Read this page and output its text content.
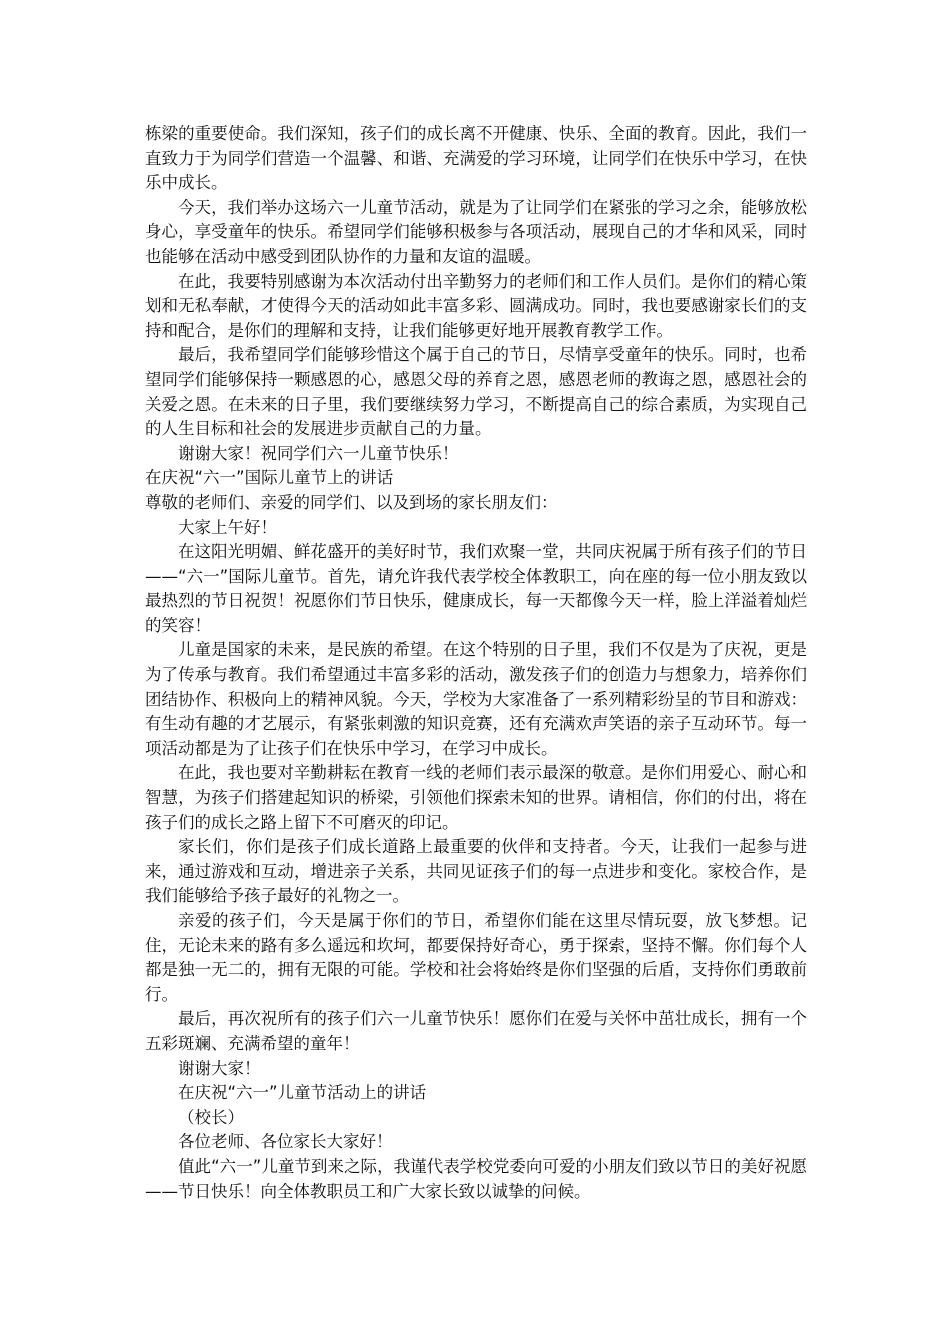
栋梁的重要使命。我们深知，孩子们的成长离不开健康、快乐、全面的教育。因此，我们一直致力于为同学们营造一个温馨、和谐、充满爱的学习环境，让同学们在快乐中学习，在快乐中成长。

今天，我们举办这场六一儿童节活动，就是为了让同学们在紧张的学习之余，能够放松身心，享受童年的快乐。希望同学们能够积极参与各项活动，展现自己的才华和风采，同时也能够在活动中感受到团队协作的力量和友谊的温暖。

在此，我要特别感谢为本次活动付出辛勤努力的老师们和工作人员们。是你们的精心策划和无私奉献，才使得今天的活动如此丰富多彩、圆满成功。同时，我也要感谢家长们的支持和配合，是你们的理解和支持，让我们能够更好地开展教育教学工作。

最后，我希望同学们能够珍惜这个属于自己的节日，尽情享受童年的快乐。同时，也希望同学们能够保持一颗感恩的心，感恩父母的养育之恩，感恩老师的教诲之恩，感恩社会的关爱之恩。在未来的日子里，我们要继续努力学习，不断提高自己的综合素质，为实现自己的人生目标和社会的发展进步贡献自己的力量。

谢谢大家！祝同学们六一儿童节快乐！

在庆祝“六一”国际儿童节上的讲话

尊敬的老师们、亲爱的同学们、以及到场的家长朋友们：

大家上午好！

在这阳光明媚、鲜花盛开的美好时节，我们欢聚一堂，共同庆祝属于所有孩子们的节日——“六一”国际儿童节。首先，请允许我代表学校全体教职工，向在座的每一位小朋友致以最热烈的节日祝贺！祝愿你们节日快乐，健康成长，每一天都像今天一样，脸上洋溢着灿烂的笑容！

儿童是国家的未来，是民族的希望。在这个特别的日子里，我们不仅是为了庆祝，更是为了传承与教育。我们希望通过丰富多彩的活动，激发孩子们的创造力与想象力，培养你们团结协作、积极向上的精神风貌。今天，学校为大家准备了一系列精彩纷呈的节目和游戏：有生动有趣的才艺展示，有紧张刺激的知识竞赛，还有充满欢声笑语的亲子互动环节。每一项活动都是为了让孩子们在快乐中学习，在学习中成长。

在此，我也要对辛勤耕耘在教育一线的老师们表示最深的敬意。是你们用爱心、耐心和智慧，为孩子们搭建起知识的桥梁，引领他们探索未知的世界。请相信，你们的付出，将在孩子们的成长之路上留下不可磨灭的印记。

家长们，你们是孩子们成长道路上最重要的伙伴和支持者。今天，让我们一起参与进来，通过游戏和互动，增进亲子关系，共同见证孩子们的每一点进步和变化。家校合作，是我们能够给予孩子最好的礼物之一。

亲爱的孩子们，今天是属于你们的节日，希望你们能在这里尽情玩耍，放飞梦想。记住，无论未来的路有多么遥远和坎坷，都要保持好奇心，勇于探索，坚持不懈。你们每个人都是独一无二的，拥有无限的可能。学校和社会将始终是你们坚强的后盾，支持你们勇敢前行。

最后，再次祝所有的孩子们六一儿童节快乐！愿你们在爱与关怀中茁壮成长，拥有一个五彩斑斓、充满希望的童年！

谢谢大家！

在庆祝“六一”儿童节活动上的讲话

（校长）

各位老师、各位家长大家好！

值此“六一”儿童节到来之际，我谨代表学校党委向可爱的小朋友们致以节日的美好祝愿——节日快乐！向全体教职员工和广大家长致以诚挚的问候。
